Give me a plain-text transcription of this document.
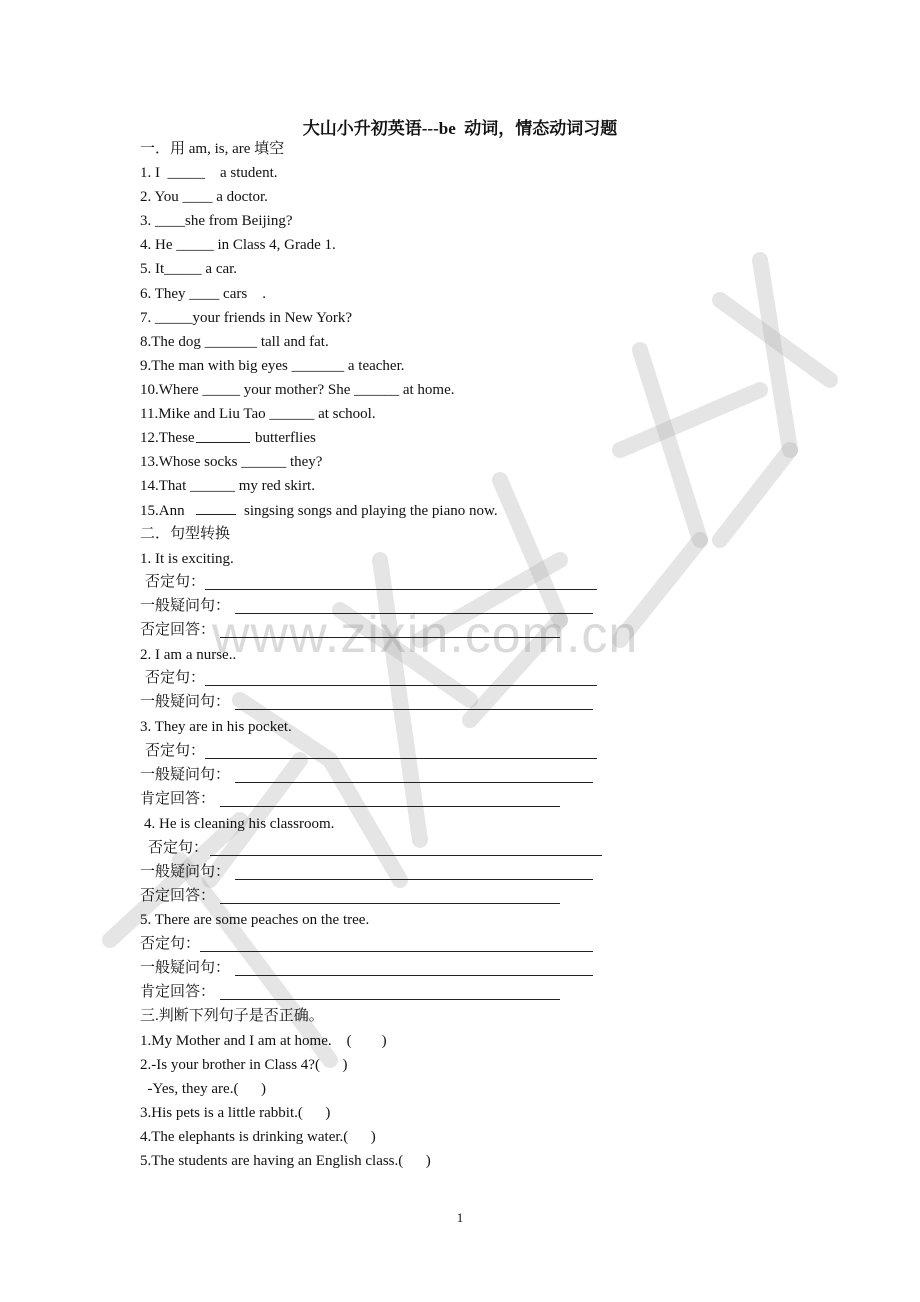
www.zixin.com.cn
大山小升初英语---be  动词，情态动词习题
一．用 am, is, are 填空
1. I  _____    a student.
2. You ____ a doctor.
3. ____she from Beijing?
4. He _____ in Class 4, Grade 1.
5. It_____ a car.
6. They ____ cars    .
7. _____your friends in New York?
8.The dog _______ tall and fat.
9.The man with big eyes _______ a teacher.
10.Where _____ your mother? She ______ at home.
11.Mike and Liu Tao ______ at school.
12.These	butterflies
13.Whose socks ______ they?
14.That ______ my red skirt.
15.Ann	singsing songs and playing the piano now.
二．句型转换
1. It is exciting.
否定句：
一般疑问句：
否定回答：
2. I am a nurse..
否定句：
一般疑问句：
3. They are in his pocket.
否定句：
一般疑问句：
肯定回答：
4. He is cleaning his classroom.
否定句：
一般疑问句：
否定回答：
5. There are some peaches on the tree.
否定句：
一般疑问句：
肯定回答：
三.判断下列句子是否正确。
1.My Mother and I am at home.    (        )
2.-Is your brother in Class 4?(      )
-Yes, they are.(      )
3.His pets is a little rabbit.(      )
4.The elephants is drinking water.(      )
5.The students are having an English class.(      )
1
